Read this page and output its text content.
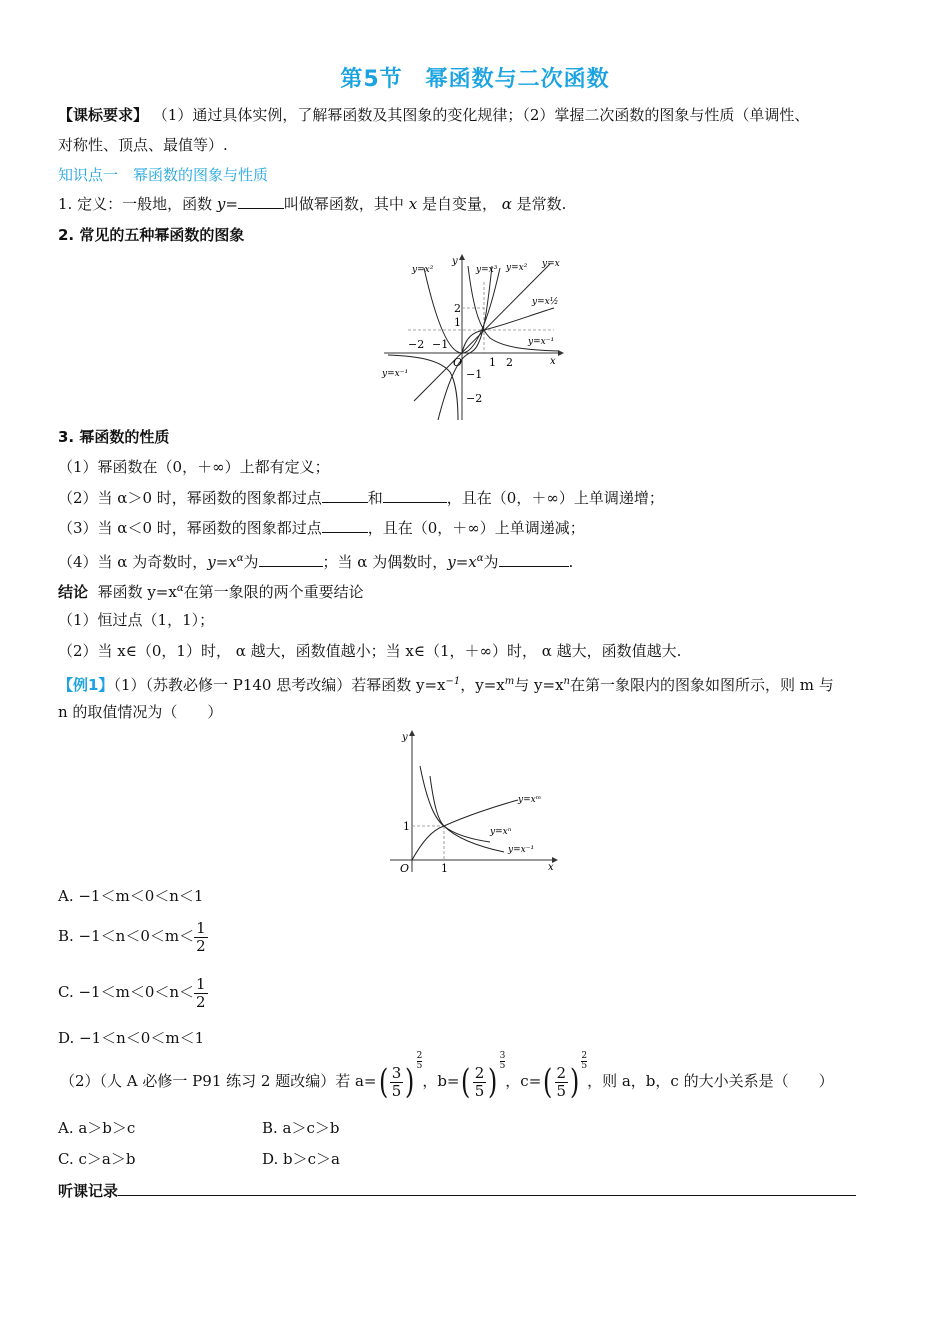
第5节　幂函数与二次函数
【课标要求】 （1）通过具体实例，了解幂函数及其图象的变化规律；（2）掌握二次函数的图象与性质（单调性、
对称性、顶点、最值等）.
知识点一　幂函数的图象与性质
1. 定义：一般地，函数 y=	叫做幂函数，其中 x 是自变量， α 是常数.
2. 常见的五种幂函数的图象
y=x²	y=x³ y=x² y=x
y=x½
y=x⁻¹
y=x⁻¹
−2 −1
O 1 2	x
2
1
−1
−2
y
3. 幂函数的性质
（1）幂函数在（0，＋∞）上都有定义；
（2）当 α＞0 时，幂函数的图象都过点	和	，且在（0，＋∞）上单调递增；
（3）当 α＜0 时，幂函数的图象都过点	，且在（0，＋∞）上单调递减；
（4）当 α 为奇数时，$y=x^\alpha$为	；当 α 为偶数时，$y=x^\alpha$为	.
结论 幂函数 $y=x^\alpha$在第一象限的两个重要结论
（1）恒过点（1，1）；
（2）当 x∈（0，1）时， α 越大，函数值越小；当 x∈（1，＋∞）时， α 越大，函数值越大.
【例1】（1）（苏教必修一 P140 思考改编）若幂函数 $y=x^{-1}$，$y=x^m$与 $y=x^n$在第一象限内的图象如图所示，则 m 与
n 的取值情况为（　　）
y=xᵐ
y=xⁿ
y=x⁻¹
1
O	1	x
y
A. −1＜m＜0＜n＜1
B. $-1<n<0<m< \frac{1}{2}$
C. $-1<m<0<n< \frac{1}{2}$
D. −1＜n＜0＜m＜1
（2）（人 A 必修一 P91 练习 2 题改编）若 $a=( \frac{3}{5}$ )
$\frac{2}{5}$
，$b=( \frac{2}{5}$ )
$\frac{3}{5}$
，$c=( \frac{2}{5}$ )
$\frac{2}{5}$
，则 a，b，c 的大小关系是（　　）
A. a＞b＞c	B. a＞c＞b
C. c＞a＞b	D. b＞c＞a
听课记录
